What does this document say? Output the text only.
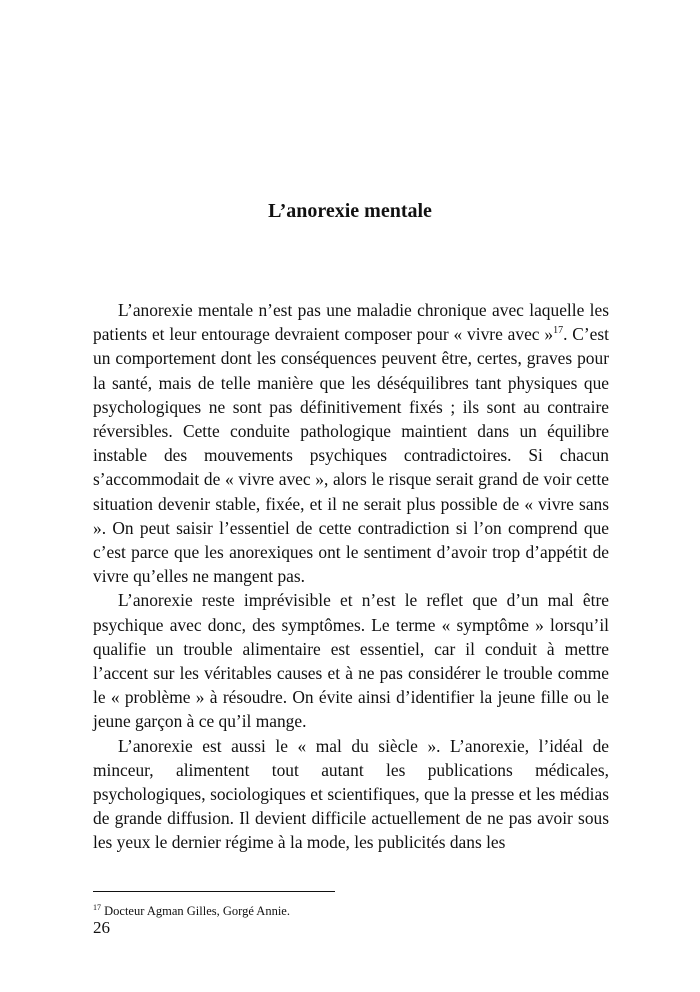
L’anorexie mentale

L’anorexie mentale n’est pas une maladie chronique avec laquelle les patients et leur entourage devraient composer pour « vivre avec »$^{17}$. C’est un comportement dont les conséquences peuvent être, certes, graves pour la santé, mais de telle manière que les déséquilibres tant physiques que psychologiques ne sont pas définitivement fixés ; ils sont au contraire réversibles. Cette conduite pathologique maintient dans un équilibre instable des mouvements psychiques contradictoires. Si chacun s’accommodait de « vivre avec », alors le risque serait grand de voir cette situation devenir stable, fixée, et il ne serait plus possible de « vivre sans ». On peut saisir l’essentiel de cette contradiction si l’on comprend que c’est parce que les anorexiques ont le sentiment d’avoir trop d’appétit de vivre qu’elles ne mangent pas.

L’anorexie reste imprévisible et n’est le reflet que d’un mal être psychique avec donc, des symptômes. Le terme « symptôme » lorsqu’il qualifie un trouble alimentaire est essentiel, car il conduit à mettre l’accent sur les véritables causes et à ne pas considérer le trouble comme le « problème » à résoudre. On évite ainsi d’identifier la jeune fille ou le jeune garçon à ce qu’il mange.

L’anorexie est aussi le « mal du siècle ». L’anorexie, l’idéal de minceur, alimentent tout autant les publications médicales, psychologiques, sociologiques et scientifiques, que la presse et les médias de grande diffusion. Il devient difficile actuellement de ne pas avoir sous les yeux le dernier régime à la mode, les publicités dans les

$^{17}$ Docteur Agman Gilles, Gorgé Annie.
26
